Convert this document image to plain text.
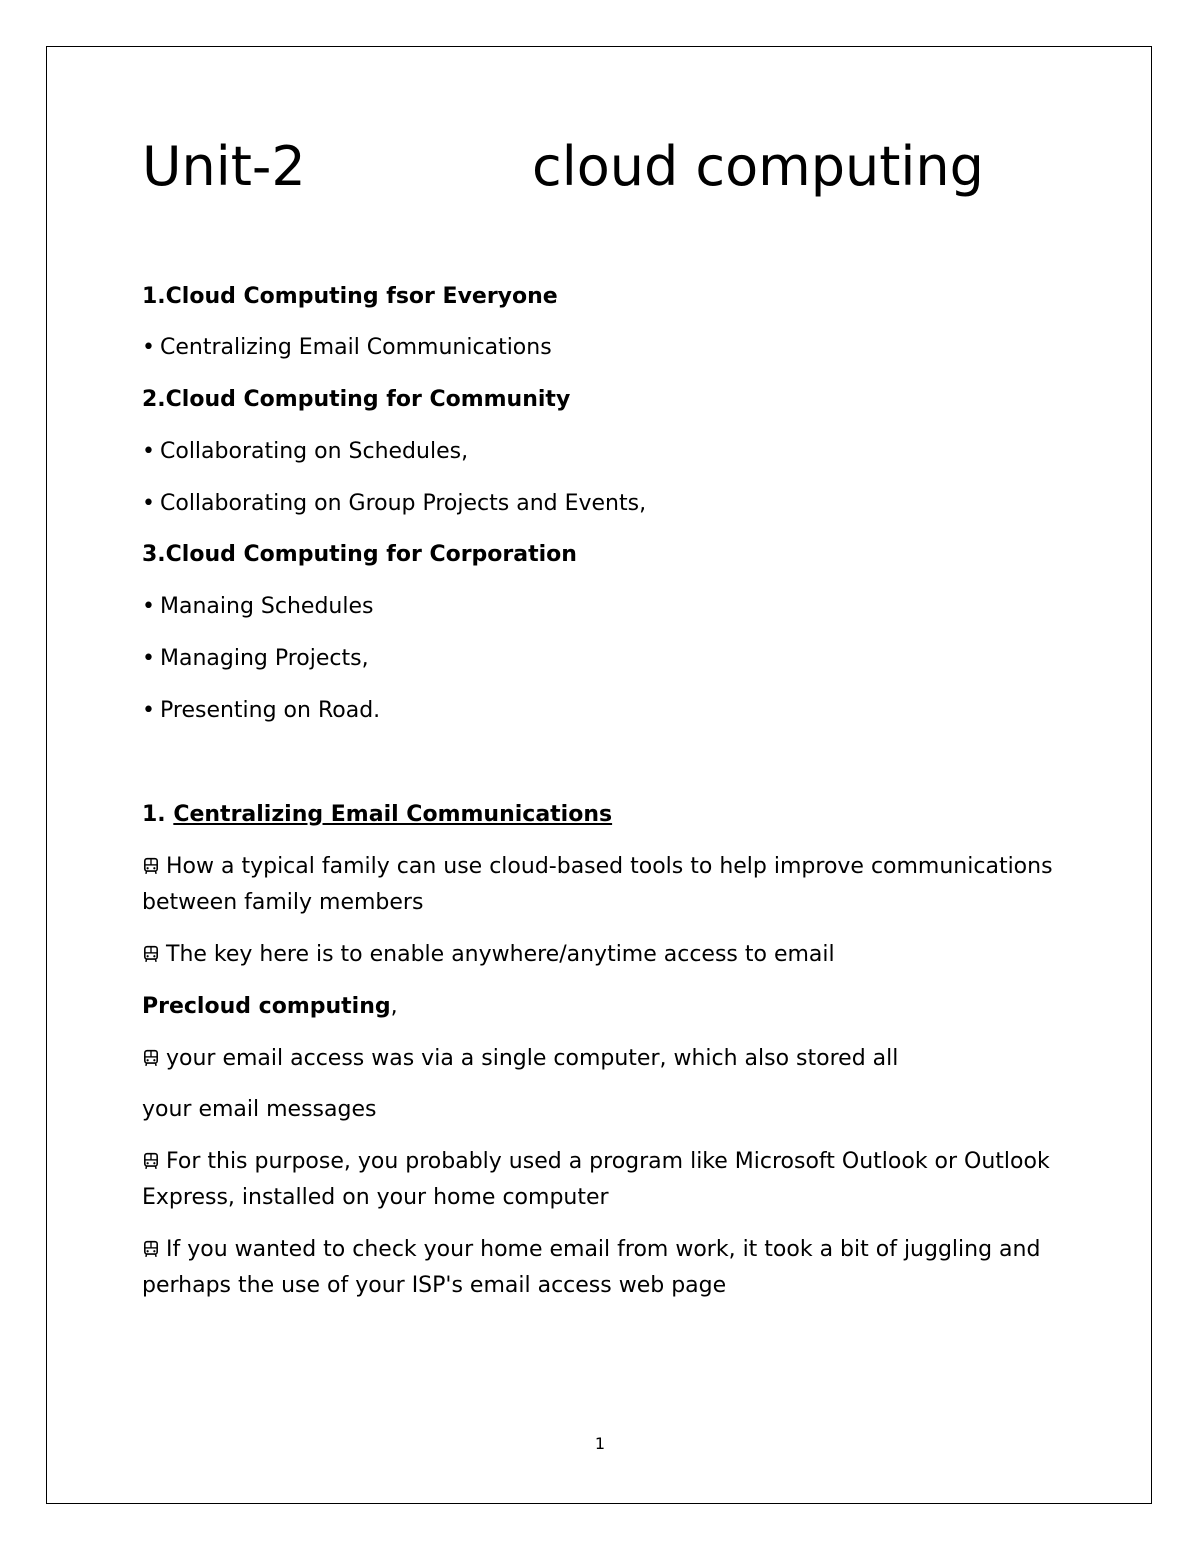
Unit-2	cloud computing
1.Cloud Computing fsor Everyone
• Centralizing Email Communications
2.Cloud Computing for Community
• Collaborating on Schedules,
• Collaborating on Group Projects and Events,
3.Cloud Computing for Corporation
• Manaing Schedules
• Managing Projects,
• Presenting on Road.
1. Centralizing Email Communications
How a typical family can use cloud-based tools to help improve communications between family members
The key here is to enable anywhere/anytime access to email
Precloud computing,
your email access was via a single computer, which also stored all
your email messages
For this purpose, you probably used a program like Microsoft Outlook or Outlook Express, installed on your home computer
If you wanted to check your home email from work, it took a bit of juggling and perhaps the use of your ISP's email access web page
1
